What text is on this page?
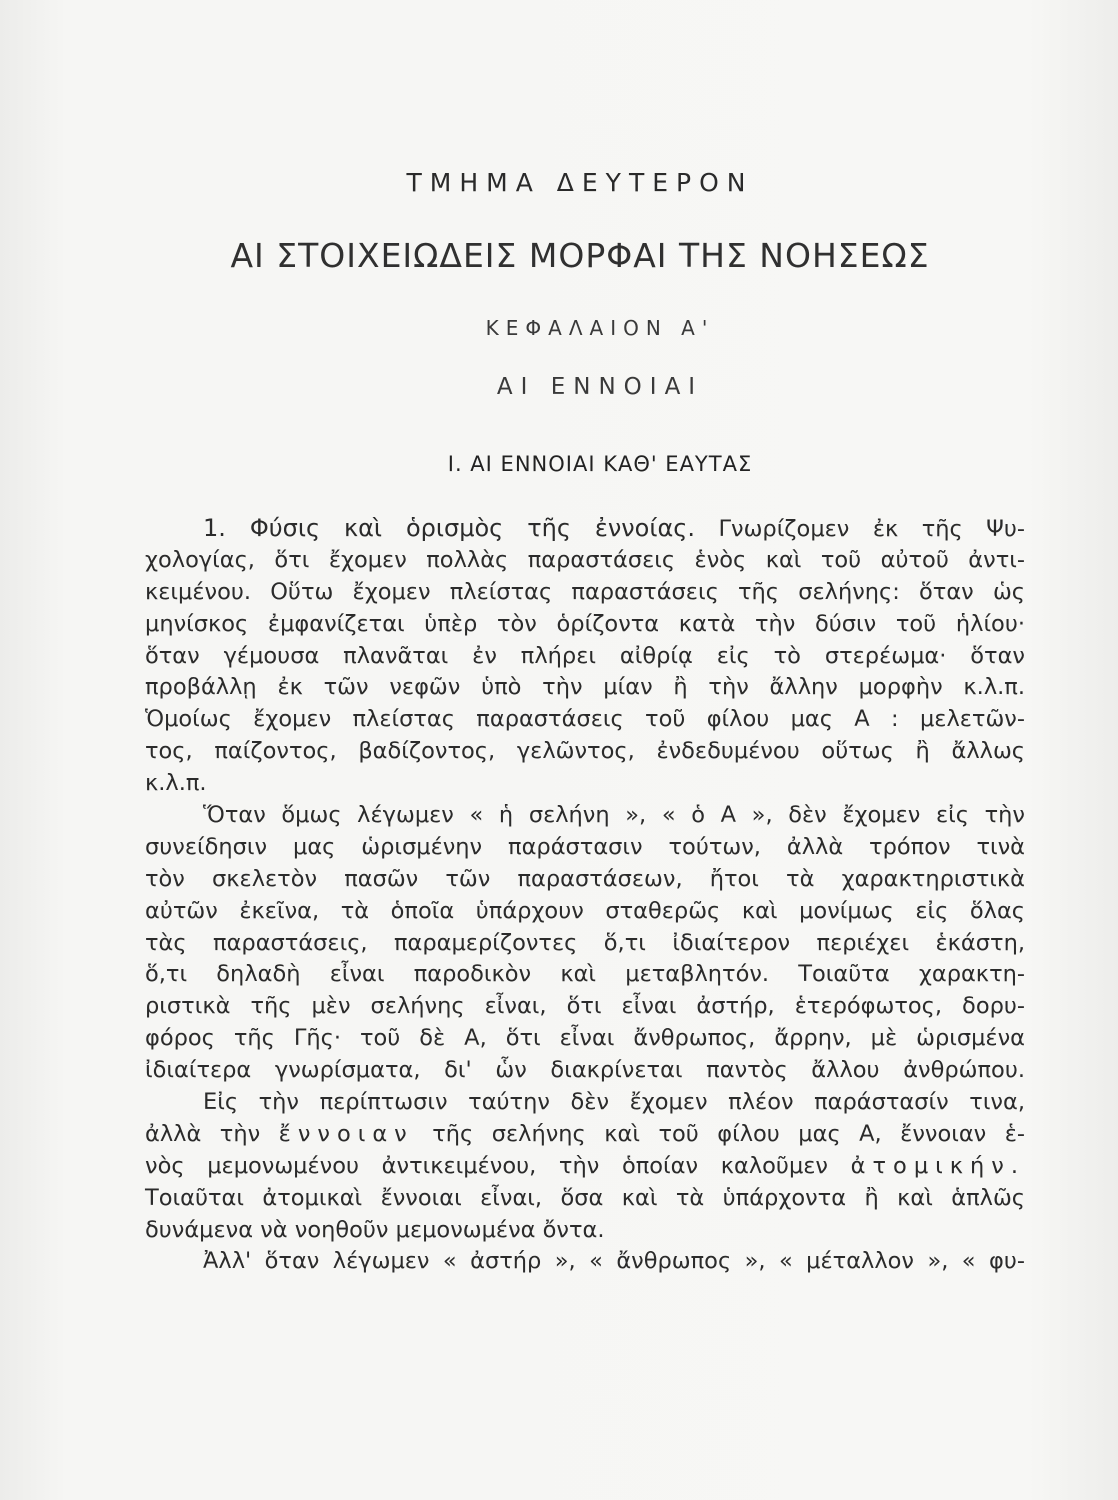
ΤΜΗΜΑ ΔΕΥΤΕΡΟΝ
ΑΙ ΣΤΟΙΧΕΙΩΔΕΙΣ ΜΟΡΦΑΙ ΤΗΣ ΝΟΗΣΕΩΣ
ΚΕΦΑΛΑΙΟΝ Α'
ΑΙ ΕΝΝΟΙΑΙ
Ι. ΑΙ ΕΝΝΟΙΑΙ ΚΑΘ' ΕΑΥΤΑΣ
1. Φύσις καὶ ὁρισμὸς τῆς ἐννοίας. Γνωρίζομεν ἐκ τῆς Ψυ-
χολογίας, ὅτι ἔχομεν πολλὰς παραστάσεις ἑνὸς καὶ τοῦ αὐτοῦ ἀντι-
κειμένου. Οὕτω ἔχομεν πλείστας παραστάσεις τῆς σελήνης: ὅταν ὡς
μηνίσκος ἐμφανίζεται ὑπὲρ τὸν ὁρίζοντα κατὰ τὴν δύσιν τοῦ ἡλίου·
ὅταν γέμουσα πλανᾶται ἐν πλήρει αἰθρίᾳ εἰς τὸ στερέωμα· ὅταν
προβάλλῃ ἐκ τῶν νεφῶν ὑπὸ τὴν μίαν ἢ τὴν ἄλλην μορφὴν κ.λ.π.
Ὁμοίως ἔχομεν πλείστας παραστάσεις τοῦ φίλου μας Α : μελετῶν-
τος, παίζοντος, βαδίζοντος, γελῶντος, ἐνδεδυμένου οὕτως ἢ ἄλλως
κ.λ.π.
Ὅταν ὅμως λέγωμεν « ἡ σελήνη », « ὁ Α », δὲν ἔχομεν εἰς τὴν
συνείδησιν μας ὡρισμένην παράστασιν τούτων, ἀλλὰ τρόπον τινὰ
τὸν σκελετὸν πασῶν τῶν παραστάσεων, ἤτοι τὰ χαρακτηριστικὰ
αὐτῶν ἐκεῖνα, τὰ ὁποῖα ὑπάρχουν σταθερῶς καὶ μονίμως εἰς ὅλας
τὰς παραστάσεις, παραμερίζοντες ὅ,τι ἰδιαίτερον περιέχει ἑκάστη,
ὅ,τι δηλαδὴ εἶναι παροδικὸν καὶ μεταβλητόν. Τοιαῦτα χαρακτη-
ριστικὰ τῆς μὲν σελήνης εἶναι, ὅτι εἶναι ἀστήρ, ἑτερόφωτος, δορυ-
φόρος τῆς Γῆς· τοῦ δὲ Α, ὅτι εἶναι ἄνθρωπος, ἄρρην, μὲ ὡρισμένα
ἰδιαίτερα γνωρίσματα, δι' ὧν διακρίνεται παντὸς ἄλλου ἀνθρώπου.
Εἰς τὴν περίπτωσιν ταύτην δὲν ἔχομεν πλέον παράστασίν τινα,
ἀλλὰ τὴν ἔννοιαν τῆς σελήνης καὶ τοῦ φίλου μας Α, ἔννοιαν ἑ-
νὸς μεμονωμένου ἀντικειμένου, τὴν ὁποίαν καλοῦμεν ἀτομικήν.
Τοιαῦται ἀτομικαὶ ἔννοιαι εἶναι, ὅσα καὶ τὰ ὑπάρχοντα ἢ καὶ ἁπλῶς
δυνάμενα νὰ νοηθοῦν μεμονωμένα ὄντα.
Ἀλλ' ὅταν λέγωμεν « ἀστήρ », « ἄνθρωπος », « μέταλλον », « φυ-
